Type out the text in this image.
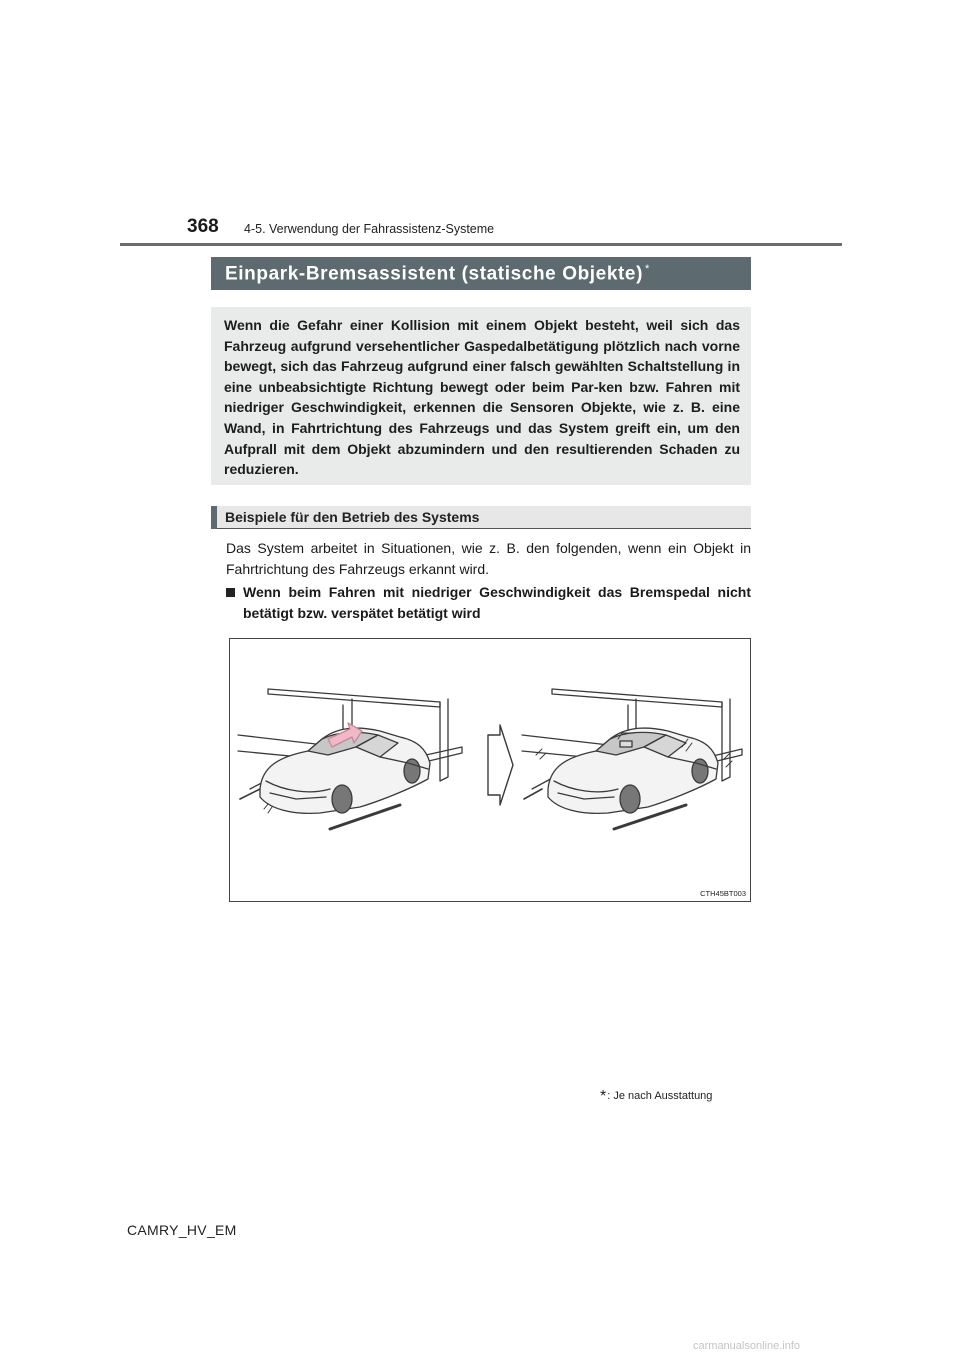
368 4-5. Verwendung der Fahrassistenz-Systeme
Einpark-Bremsassistent (statische Objekte) *

Wenn die Gefahr einer Kollision mit einem Objekt besteht, weil sich das Fahrzeug aufgrund versehentlicher Gaspedalbetätigung plötzlich nach vorne bewegt, sich das Fahrzeug aufgrund einer falsch gewählten Schaltstellung in eine unbeabsichtigte Richtung bewegt oder beim Par-ken bzw. Fahren mit niedriger Geschwindigkeit, erkennen die Sensoren Objekte, wie z. B. eine Wand, in Fahrtrichtung des Fahrzeugs und das System greift ein, um den Aufprall mit dem Objekt abzumindern und den resultierenden Schaden zu reduzieren.

Beispiele für den Betrieb des Systems

Das System arbeitet in Situationen, wie z. B. den folgenden, wenn ein Objekt in Fahrtrichtung des Fahrzeugs erkannt wird.

Wenn beim Fahren mit niedriger Geschwindigkeit das Bremspedal nicht betätigt bzw. verspätet betätigt wird

CTH45BT003
*: Je nach Ausstattung
CAMRY_HV_EM
carmanualsonline.info
